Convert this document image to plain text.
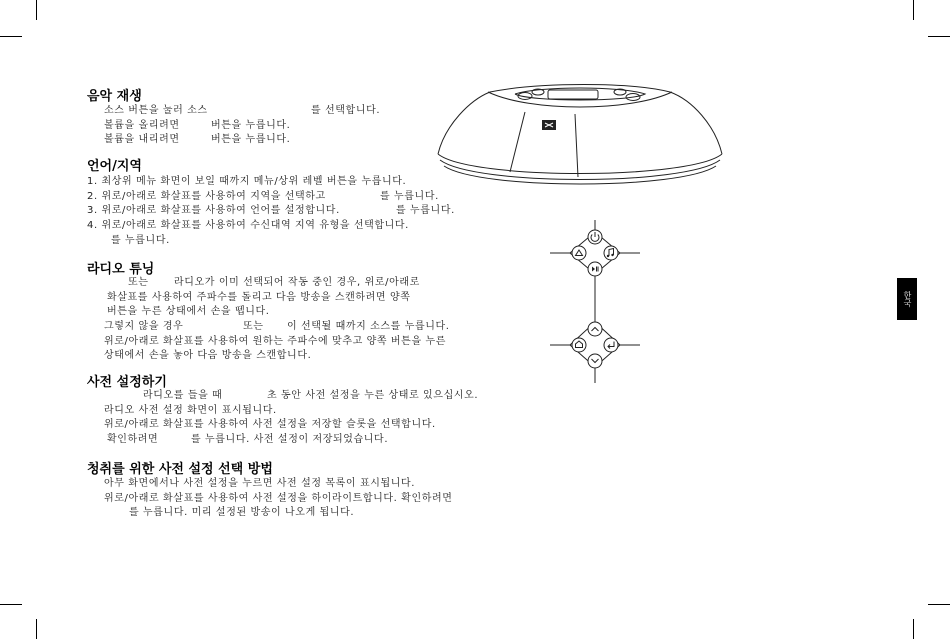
음악 재생

소스 버튼을 눌러 소스	를 선택합니다.

볼륨을 올리려면	버튼을 누릅니다.

볼륨을 내리려면	버튼을 누릅니다.

언어/지역

1. 최상위 메뉴 화면이 보일 때까지 메뉴/상위 레벨 버튼을 누릅니다.

2. 위로/아래로 화살표를 사용하여 지역을 선택하고	를 누릅니다.

3. 위로/아래로 화살표를 사용하여 언어를 설정합니다.	를 누릅니다.

4. 위로/아래로 화살표를 사용하여 수신대역 지역 유형을 선택합니다.

를 누릅니다.

라디오 튜닝

또는	라디오가 이미 선택되어 작동 중인 경우, 위로/아래로

화살표를 사용하여 주파수를 돌리고 다음 방송을 스캔하려면 양쪽

버튼을 누른 상태에서 손을 뗍니다.

그렇지 않을 경우	또는 이 선택될 때까지 소스를 누릅니다.

위로/아래로 화살표를 사용하여 원하는 주파수에 맞추고 양쪽 버튼을 누른

상태에서 손을 놓아 다음 방송을 스캔합니다.

사전 설정하기

라디오를 들을 때	초 동안 사전 설정을 누른 상태로 있으십시오.

라디오 사전 설정 화면이 표시됩니다.

위로/아래로 화살표를 사용하여 사전 설정을 저장할 슬롯을 선택합니다.

확인하려면	를 누릅니다. 사전 설정이 저장되었습니다.

청취를 위한 사전 설정 선택 방법

아무 화면에서나 사전 설정을 누르면 사전 설정 목록이 표시됩니다.

위로/아래로 화살표를 사용하여 사전 설정을 하이라이트합니다. 확인하려면

를 누릅니다. 미리 설정된 방송이 나오게 됩니다.

한국
